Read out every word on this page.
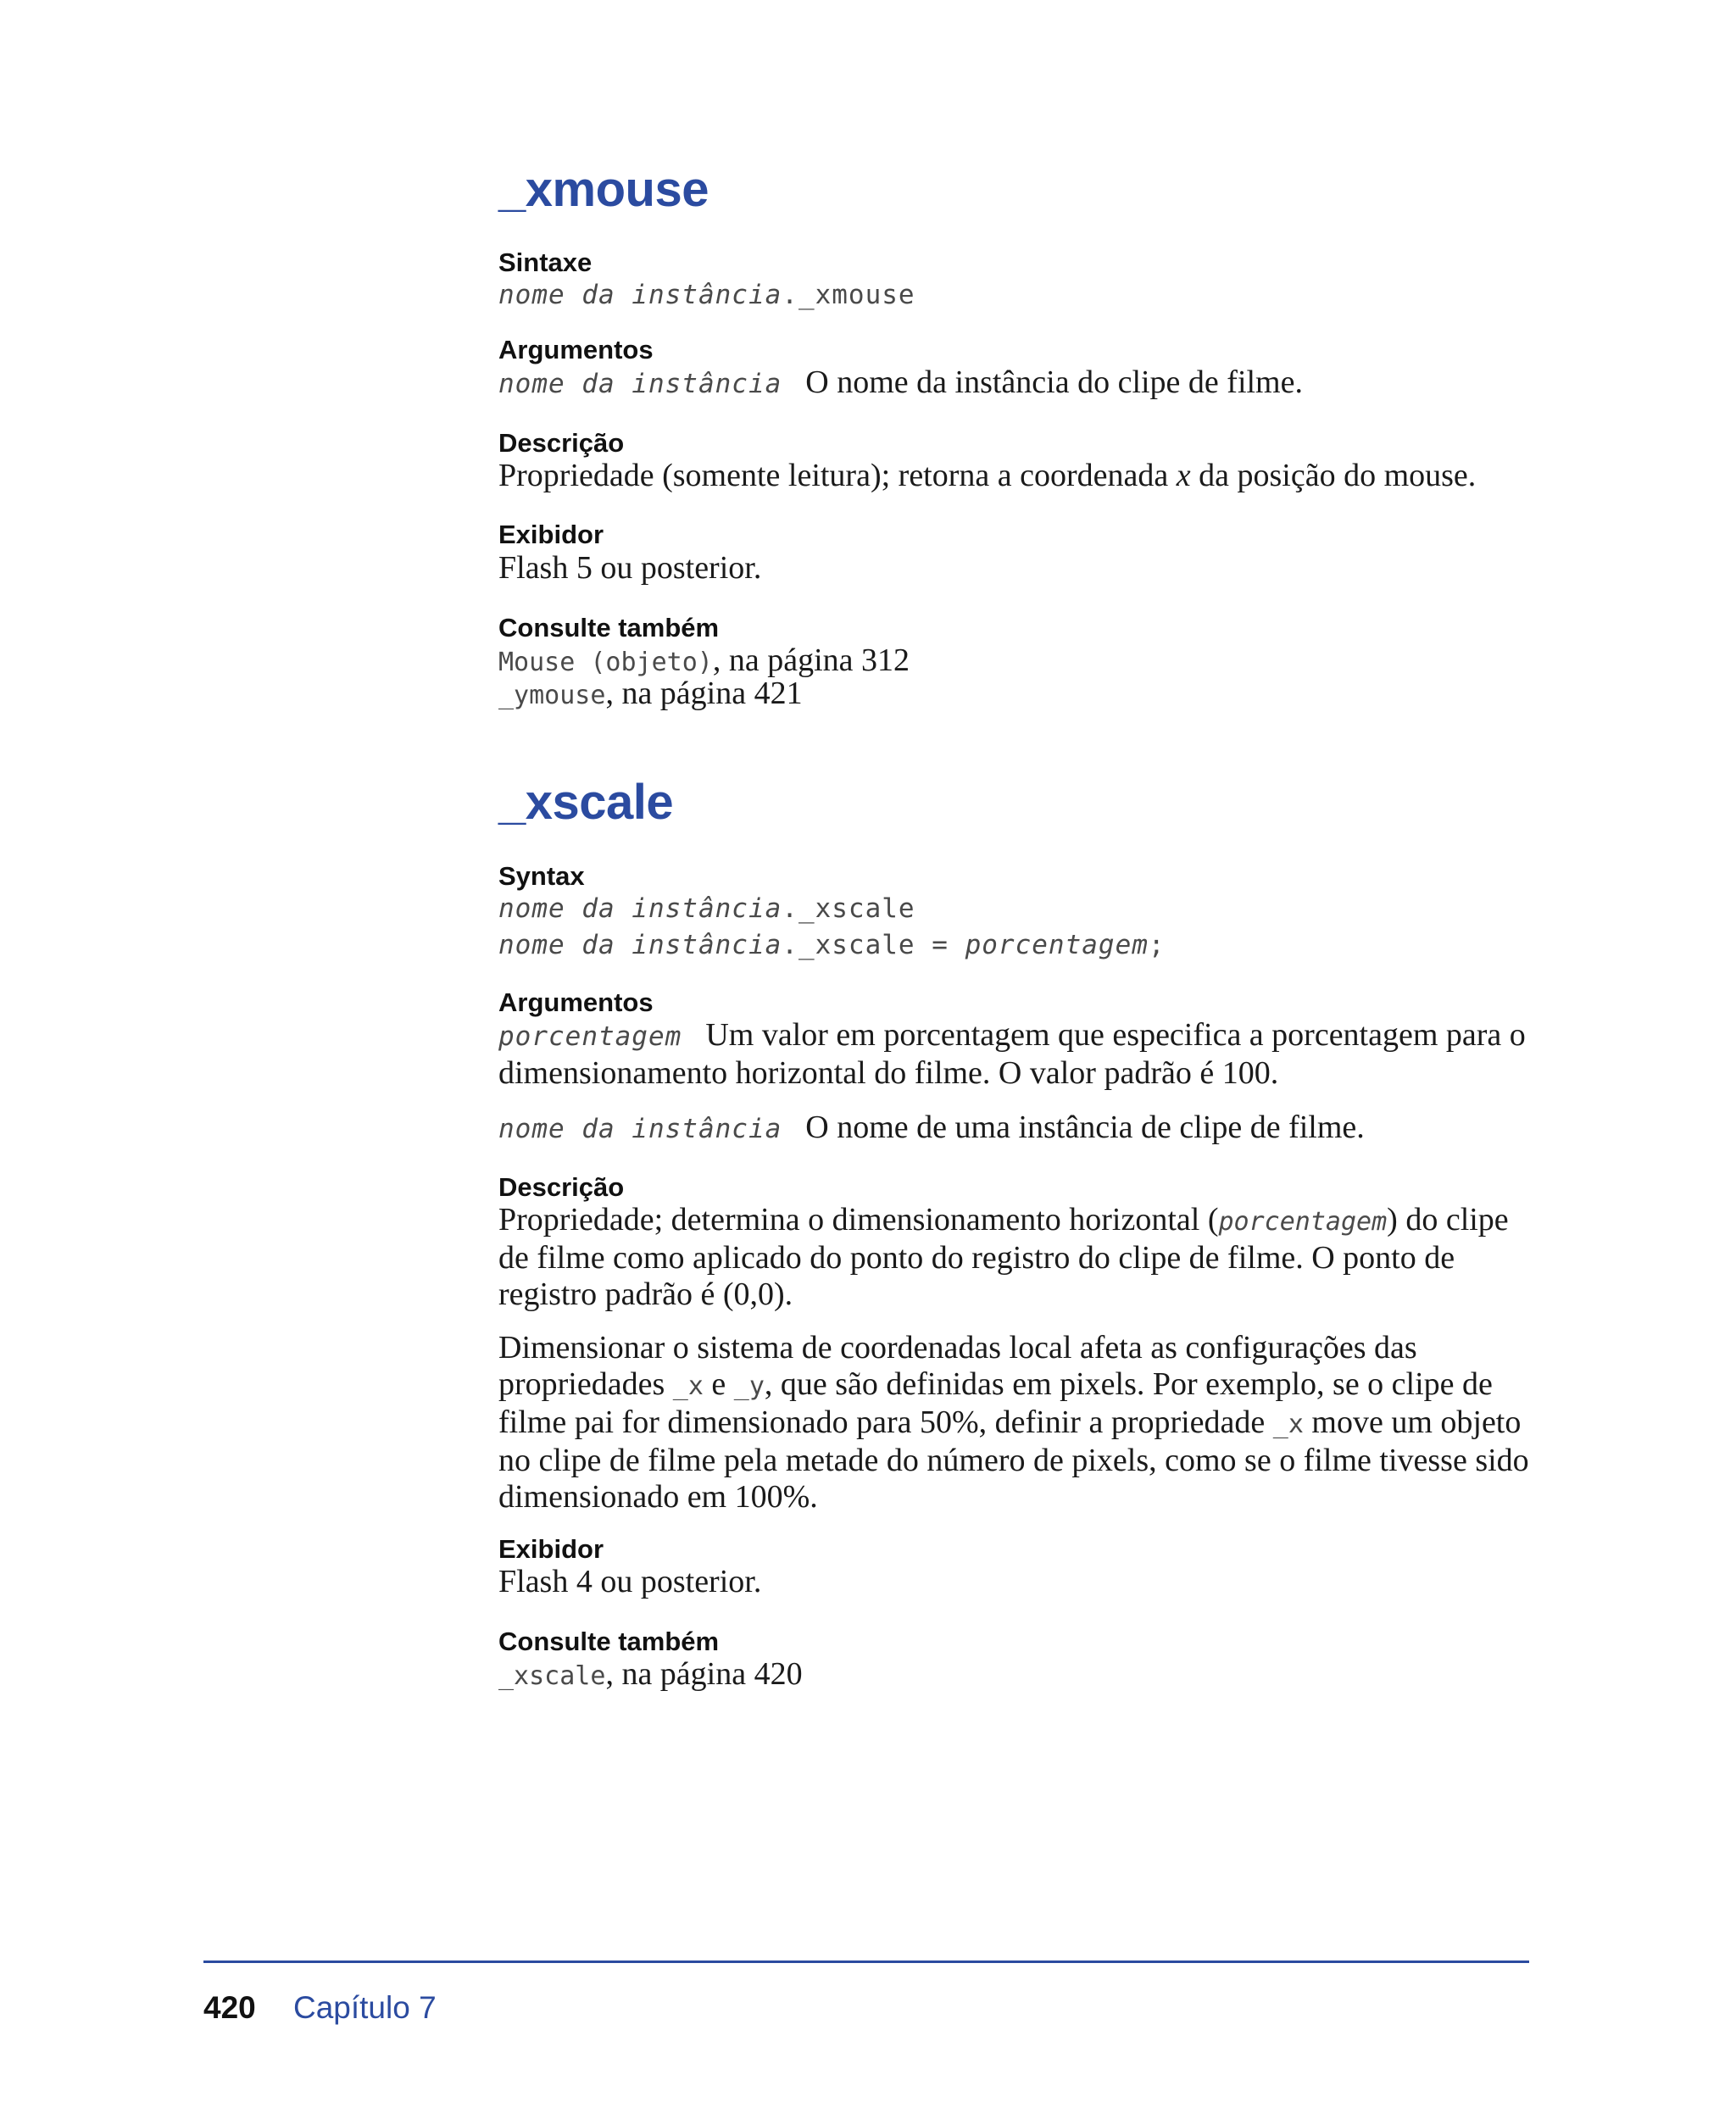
_xmouse
Sintaxe
nome da instância._xmouse
Argumentos
nome da instância O nome da instância do clipe de filme.
Descrição
Propriedade (somente leitura); retorna a coordenada x da posição do mouse.
Exibidor
Flash 5 ou posterior.
Consulte também
Mouse (objeto), na página 312
_ymouse, na página 421
_xscale
Syntax
nome da instância._xscale
nome da instância._xscale = porcentagem;
Argumentos
porcentagem Um valor em porcentagem que especifica a porcentagem para o dimensionamento horizontal do filme. O valor padrão é 100.
nome da instância O nome de uma instância de clipe de filme.
Descrição
Propriedade; determina o dimensionamento horizontal (porcentagem) do clipe de filme como aplicado do ponto do registro do clipe de filme. O ponto de registro padrão é (0,0).
Dimensionar o sistema de coordenadas local afeta as configurações das propriedades _x e _y, que são definidas em pixels. Por exemplo, se o clipe de filme pai for dimensionado para 50%, definir a propriedade _x move um objeto no clipe de filme pela metade do número de pixels, como se o filme tivesse sido dimensionado em 100%.
Exibidor
Flash 4 ou posterior.
Consulte também
_xscale, na página 420
420 Capítulo 7
